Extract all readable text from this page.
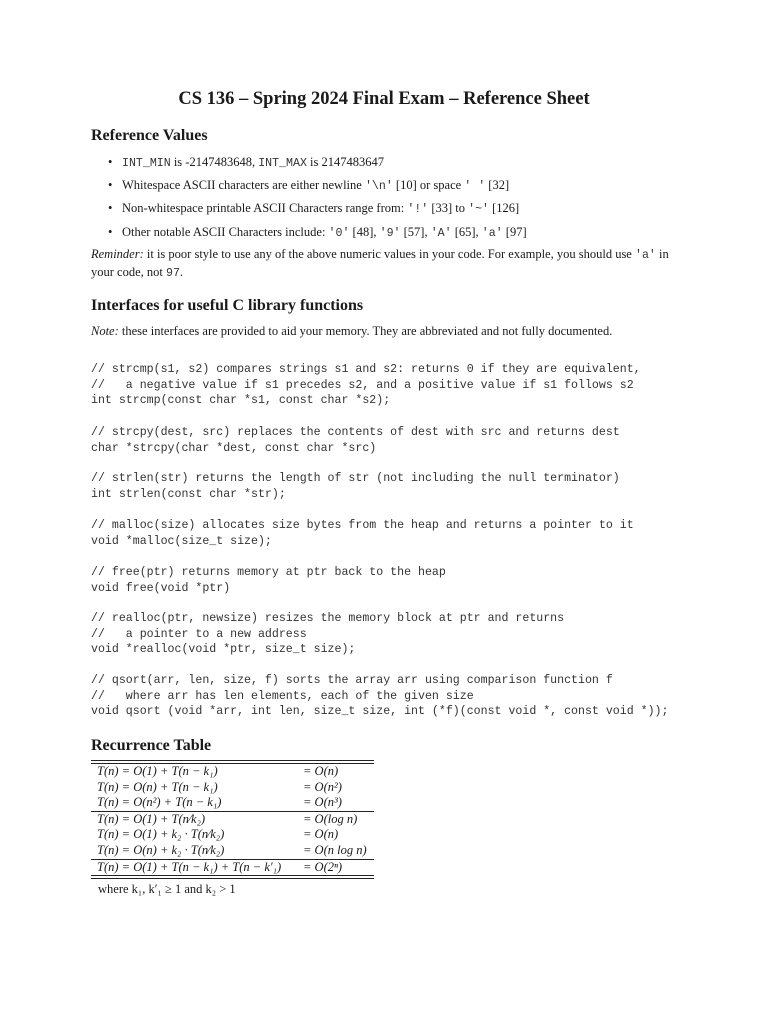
CS 136 – Spring 2024 Final Exam – Reference Sheet
Reference Values
• INT_MIN is -2147483648, INT_MAX is 2147483647
• Whitespace ASCII characters are either newline '\n' [10] or space ' ' [32]
• Non-whitespace printable ASCII Characters range from: '!' [33] to '~' [126]
• Other notable ASCII Characters include: '0' [48], '9' [57], 'A' [65], 'a' [97]
Reminder: it is poor style to use any of the above numeric values in your code. For example, you should use 'a' in your code, not 97.
Interfaces for useful C library functions
Note: these interfaces are provided to aid your memory. They are abbreviated and not fully documented.
// strcmp(s1, s2) compares strings s1 and s2: returns 0 if they are equivalent,
//   a negative value if s1 precedes s2, and a positive value if s1 follows s2
int strcmp(const char *s1, const char *s2);
// strcpy(dest, src) replaces the contents of dest with src and returns dest
char *strcpy(char *dest, const char *src)
// strlen(str) returns the length of str (not including the null terminator)
int strlen(const char *str);
// malloc(size) allocates size bytes from the heap and returns a pointer to it
void *malloc(size_t size);
// free(ptr) returns memory at ptr back to the heap
void free(void *ptr)
// realloc(ptr, newsize) resizes the memory block at ptr and returns
//   a pointer to a new address
void *realloc(void *ptr, size_t size);
// qsort(arr, len, size, f) sorts the array arr using comparison function f
//   where arr has len elements, each of the given size
void qsort (void *arr, int len, size_t size, int (*f)(const void *, const void *));
Recurrence Table
T(n) = O(1) + T(n − k₁)	= O(n)
T(n) = O(n) + T(n − k₁)	= O(n²)
T(n) = O(n²) + T(n − k₁)	= O(n³)
T(n) = O(1) + T(n⁄k₂)	= O(log n)
T(n) = O(1) + k₂ · T(n⁄k₂)	= O(n)
T(n) = O(n) + k₂ · T(n⁄k₂)	= O(n log n)
T(n) = O(1) + T(n − k₁) + T(n − k′₁)	= O(2ⁿ)
where k₁, k′₁ ≥ 1 and k₂ > 1
